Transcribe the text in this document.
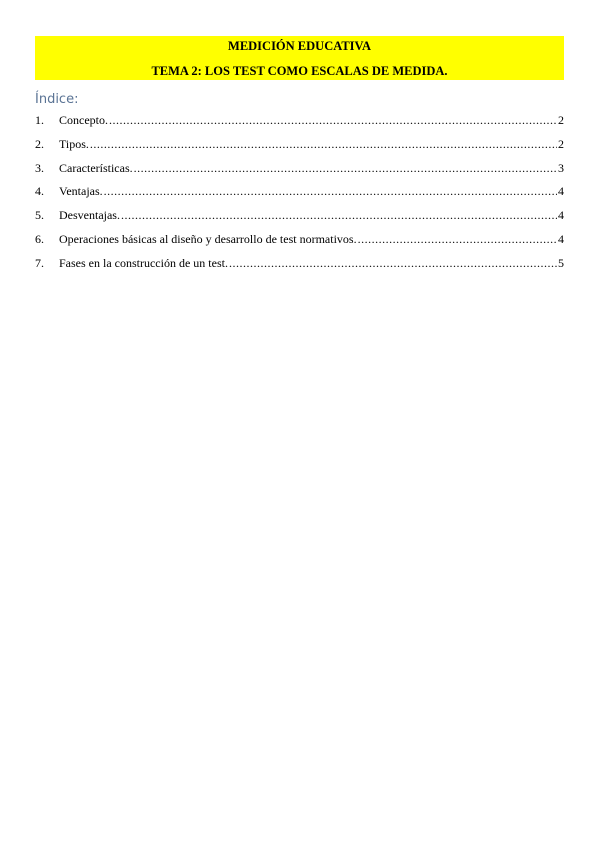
MEDICIÓN EDUCATIVA

TEMA 2: LOS TEST COMO ESCALAS DE MEDIDA.

Índice:

1.	Concepto. .....	2
2.	Tipos. .....	2
3.	Características. .....	3
4.	Ventajas. .....	4
5.	Desventajas. .....	4
6.	Operaciones básicas al diseño y desarrollo de test normativos. .....	4
7.	Fases en la construcción de un test. .....	5
